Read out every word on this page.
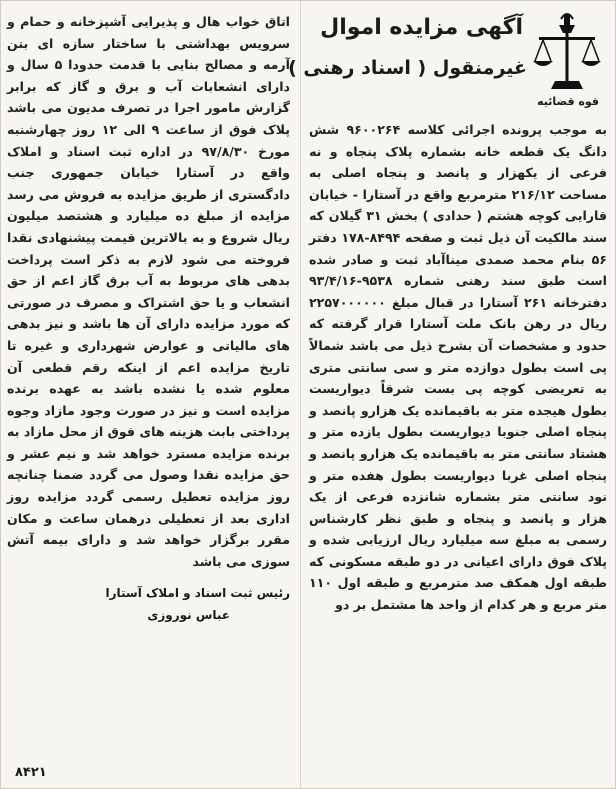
قوه قضائیه
آگهی مزایده اموال
غیرمنقول ( اسناد رهنی )

به موجب پرونده اجرائی کلاسه ۹۶۰۰۲۶۴ شش دانگ یک قطعه خانه بشماره پلاک پنجاه و نه فرعی از یکهزار و پانصد و پنجاه اصلی به مساحت ۲۱۶/۱۲ مترمربع واقع در آستارا - خیابان قارایی کوچه هشتم ( حدادی ) بخش ۳۱ گیلان که سند مالکیت آن ذیل ثبت و صفحه ۸۴۹۴-۱۷۸ دفتر ۵۶ بنام محمد صمدی میناآباد ثبت و صادر شده است طبق سند رهنی شماره ۹۵۳۸-۹۳/۴/۱۶ دفترخانه ۲۶۱ آستارا در قبال مبلغ ۲۲۵۷۰۰۰۰۰۰ ریال در رهن بانک ملت آستارا قرار گرفته که حدود و مشخصات آن بشرح ذیل می باشد شمالاً پی است بطول دوازده متر و سی سانتی متری به تعریضی کوچه پی بست شرقاً دیواریست بطول هیجده متر به باقیمانده یک هزارو پانصد و پنجاه اصلی جنوبا دیواریست بطول یازده متر و هشتاد سانتی متر به باقیمانده یک هزارو پانصد و پنجاه اصلی غربا دیواریست بطول هفده متر و نود سانتی متر بشماره شانزده فرعی از یک هزار و پانصد و پنجاه و طبق نظر کارشناس رسمی به مبلغ سه میلیارد ریال ارزیابی شده و پلاک فوق دارای اعیانی در دو طبقه مسکونی که طبقه اول همکف صد مترمربع و طبقه اول ۱۱۰ متر مربع و هر کدام از واحد ها مشتمل بر دو

اتاق خواب هال و پذیرایی آشپزخانه و حمام و سرویس بهداشتی با ساختار سازه ای بتن آرمه و مصالح بنایی با قدمت حدودا ۵ سال و دارای انشعابات آب و برق و گاز که برابر گزارش مامور اجرا در تصرف مدیون می باشد پلاک فوق از ساعت ۹ الی ۱۲ روز چهارشنبه مورخ ۹۷/۸/۳۰ در اداره ثبت اسناد و املاک واقع در آستارا خیابان جمهوری جنب دادگستری از طریق مزایده به فروش می رسد مزایده از مبلغ ده میلیارد و هشتصد میلیون ریال شروع و به بالاترین قیمت پیشنهادی نقدا فروخته می شود لازم به ذکر است پرداخت بدهی های مربوط به آب برق گاز اعم از حق انشعاب و یا حق اشتراک و مصرف در صورتی که مورد مزایده دارای آن ها باشد و نیز بدهی های مالیاتی و عوارض شهرداری و غیره تا تاریخ مزایده اعم از اینکه رقم قطعی آن معلوم شده یا نشده باشد به عهده برنده مزایده است و نیز در صورت وجود مازاد وجوه پرداختی بابت هزینه های فوق از محل مازاد به برنده مزایده مسترد خواهد شد و نیم عشر و حق مزایده نقدا وصول می گردد ضمنا چنانچه روز مزایده تعطیل رسمی گردد مزایده روز اداری بعد از تعطیلی درهمان ساعت و مکان مقرر برگزار خواهد شد و دارای بیمه آتش سوزی می باشد

رئیس ثبت اسناد و املاک آستارا
عباس نوروزی
۸۴۲۱
